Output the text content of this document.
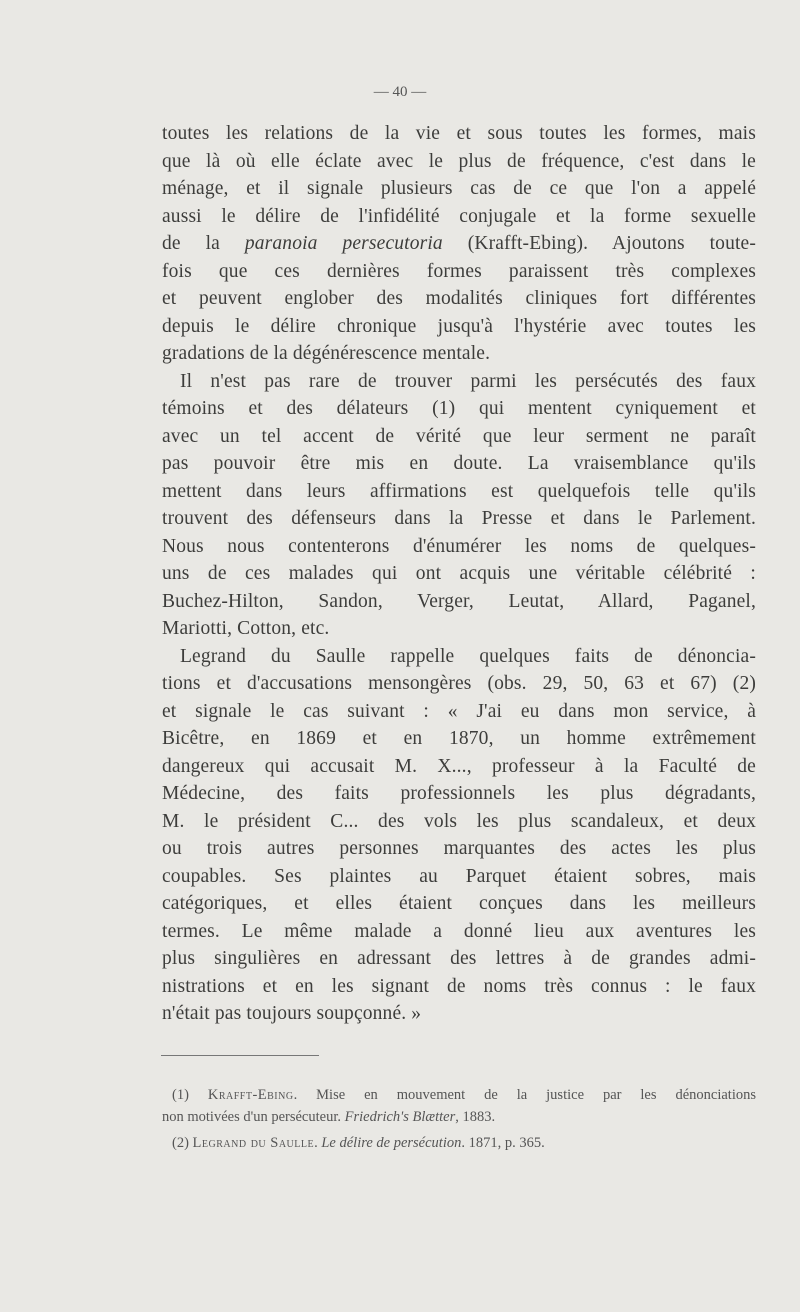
— 40 —
toutes les relations de la vie et sous toutes les formes, mais
que là où elle éclate avec le plus de fréquence, c'est dans le
ménage, et il signale plusieurs cas de ce que l'on a appelé
aussi le délire de l'infidélité conjugale et la forme sexuelle
de la paranoia persecutoria (Krafft-Ebing). Ajoutons toute-
fois que ces dernières formes paraissent très complexes
et peuvent englober des modalités cliniques fort différentes
depuis le délire chronique jusqu'à l'hystérie avec toutes les
gradations de la dégénérescence mentale.
Il n'est pas rare de trouver parmi les persécutés des faux
témoins et des délateurs (1) qui mentent cyniquement et
avec un tel accent de vérité que leur serment ne paraît
pas pouvoir être mis en doute. La vraisemblance qu'ils
mettent dans leurs affirmations est quelquefois telle qu'ils
trouvent des défenseurs dans la Presse et dans le Parlement.
Nous nous contenterons d'énumérer les noms de quelques-
uns de ces malades qui ont acquis une véritable célébrité :
Buchez-Hilton, Sandon, Verger, Leutat, Allard, Paganel,
Mariotti, Cotton, etc.
Legrand du Saulle rappelle quelques faits de dénoncia-
tions et d'accusations mensongères (obs. 29, 50, 63 et 67) (2)
et signale le cas suivant : « J'ai eu dans mon service, à
Bicêtre, en 1869 et en 1870, un homme extrêmement
dangereux qui accusait M. X..., professeur à la Faculté de
Médecine, des faits professionnels les plus dégradants,
M. le président C... des vols les plus scandaleux, et deux
ou trois autres personnes marquantes des actes les plus
coupables. Ses plaintes au Parquet étaient sobres, mais
catégoriques, et elles étaient conçues dans les meilleurs
termes. Le même malade a donné lieu aux aventures les
plus singulières en adressant des lettres à de grandes admi-
nistrations et en les signant de noms très connus : le faux
n'était pas toujours soupçonné. »
(1) Krafft-Ebing. Mise en mouvement de la justice par les dénonciations
non motivées d'un persécuteur. Friedrich's Blætter, 1883.
(2) Legrand du Saulle. Le délire de persécution. 1871, p. 365.
